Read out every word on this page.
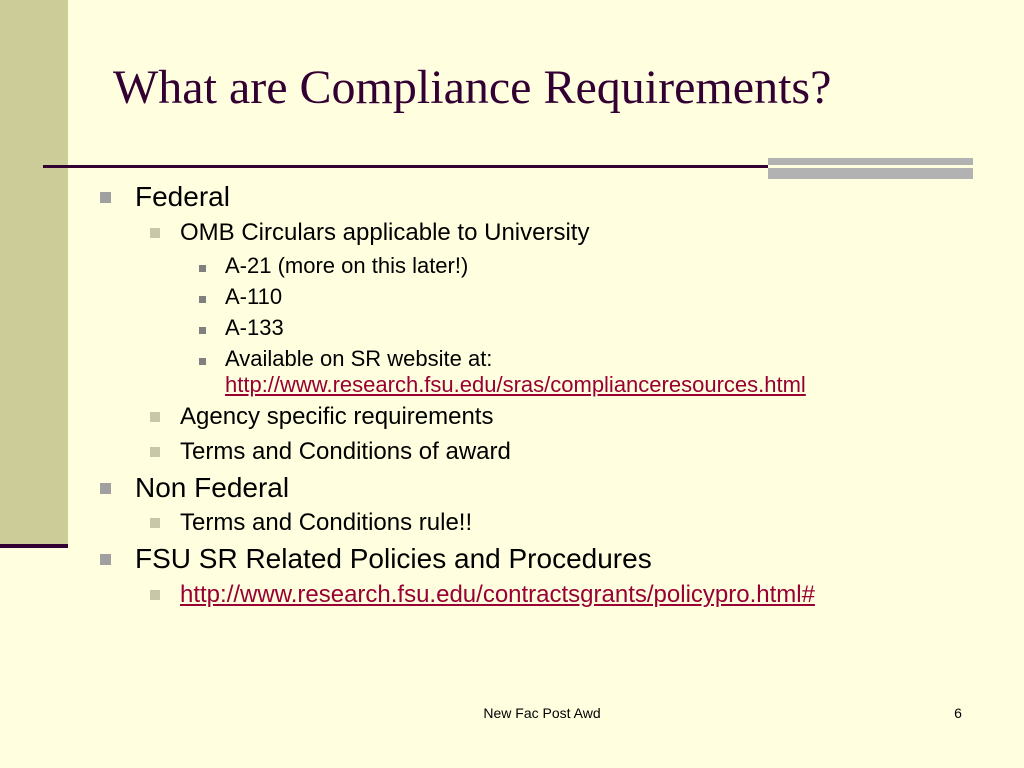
What are Compliance Requirements?
Federal
OMB Circulars applicable to University
A-21 (more on this later!)
A-110
A-133
Available on SR website at:
http://www.research.fsu.edu/sras/complianceresources.html
Agency specific requirements
Terms and Conditions of award
Non Federal
Terms and Conditions rule!!
FSU SR Related Policies and Procedures
http://www.research.fsu.edu/contractsgrants/policypro.html#
New Fac Post Awd	6
